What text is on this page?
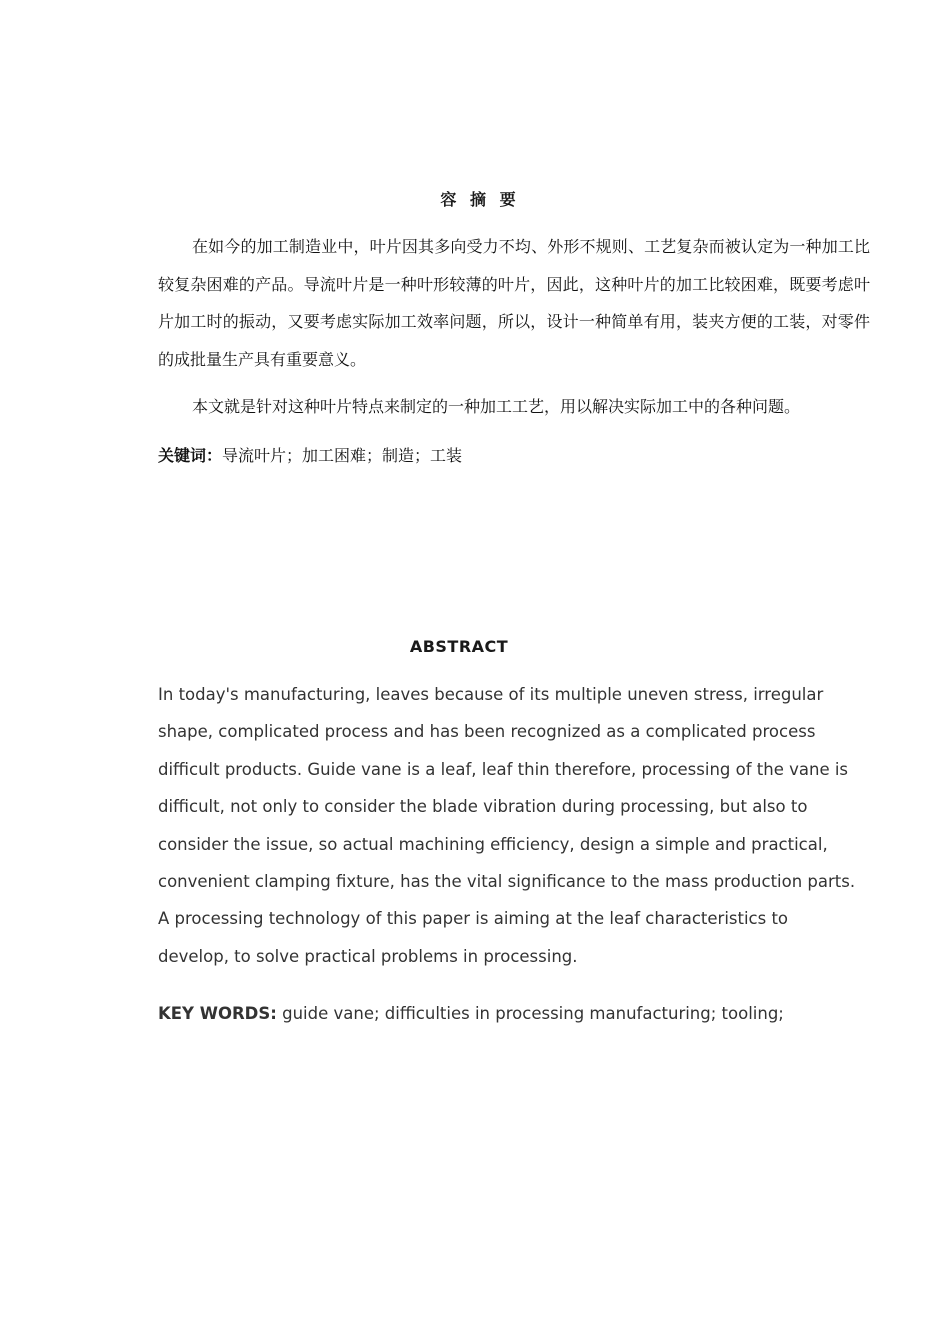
容 摘 要

在如今的加工制造业中，叶片因其多向受力不均、外形不规则、工艺复杂而被认定为一种加工比较复杂困难的产品。导流叶片是一种叶形较薄的叶片，因此，这种叶片的加工比较困难，既要考虑叶片加工时的振动，又要考虑实际加工效率问题，所以，设计一种简单有用，装夹方便的工装，对零件的成批量生产具有重要意义。

本文就是针对这种叶片特点来制定的一种加工工艺，用以解决实际加工中的各种问题。

关键词：导流叶片；加工困难；制造；工装

ABSTRACT

In today's manufacturing, leaves because of its multiple uneven stress, irregular shape, complicated process and has been recognized as a complicated process difficult products. Guide vane is a leaf, leaf thin therefore, processing of the vane is difficult, not only to consider the blade vibration during processing, but also to consider the issue, so actual machining efficiency, design a simple and practical, convenient clamping fixture, has the vital significance to the mass production parts. A processing technology of this paper is aiming at the leaf characteristics to develop, to solve practical problems in processing.

KEY WORDS: guide vane; difficulties in processing manufacturing; tooling;
